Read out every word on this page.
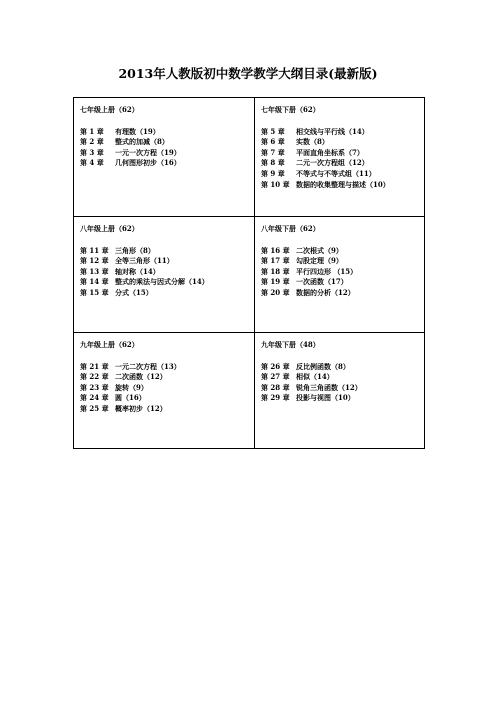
2013年人教版初中数学教学大纲目录(最新版)
七年级上册（62）
第 1 章	有理数（19）
第 2 章	整式的加减（8）
第 3 章	一元一次方程（19）
第 4 章	几何图形初步（16）
七年级下册（62）
第 5 章	相交线与平行线（14）
第 6 章	实数（8）
第 7 章	平面直角坐标系（7）
第 8 章	二元一次方程组（12）
第 9 章	不等式与不等式组（11）
第 10 章 数据的收集整理与描述（10）
八年级上册（62）
第 11 章 三角形（8）
第 12 章 全等三角形（11）
第 13 章 轴对称（14）
第 14 章 整式的乘法与因式分解（14）
第 15 章 分式（15）
八年级下册（62）
第 16 章 二次根式（9）
第 17 章 勾股定理（9）
第 18 章 平行四边形 （15）
第 19 章 一次函数（17）
第 20 章 数据的分析（12）
九年级上册（62）
第 21 章 一元二次方程（13）
第 22 章 二次函数（12）
第 23 章 旋转（9）
第 24 章 圆（16）
第 25 章 概率初步（12）
九年级下册（48）
第 26 章 反比例函数（8）
第 27 章 相似（14）
第 28 章 锐角三角函数（12）
第 29 章 投影与视图（10）
